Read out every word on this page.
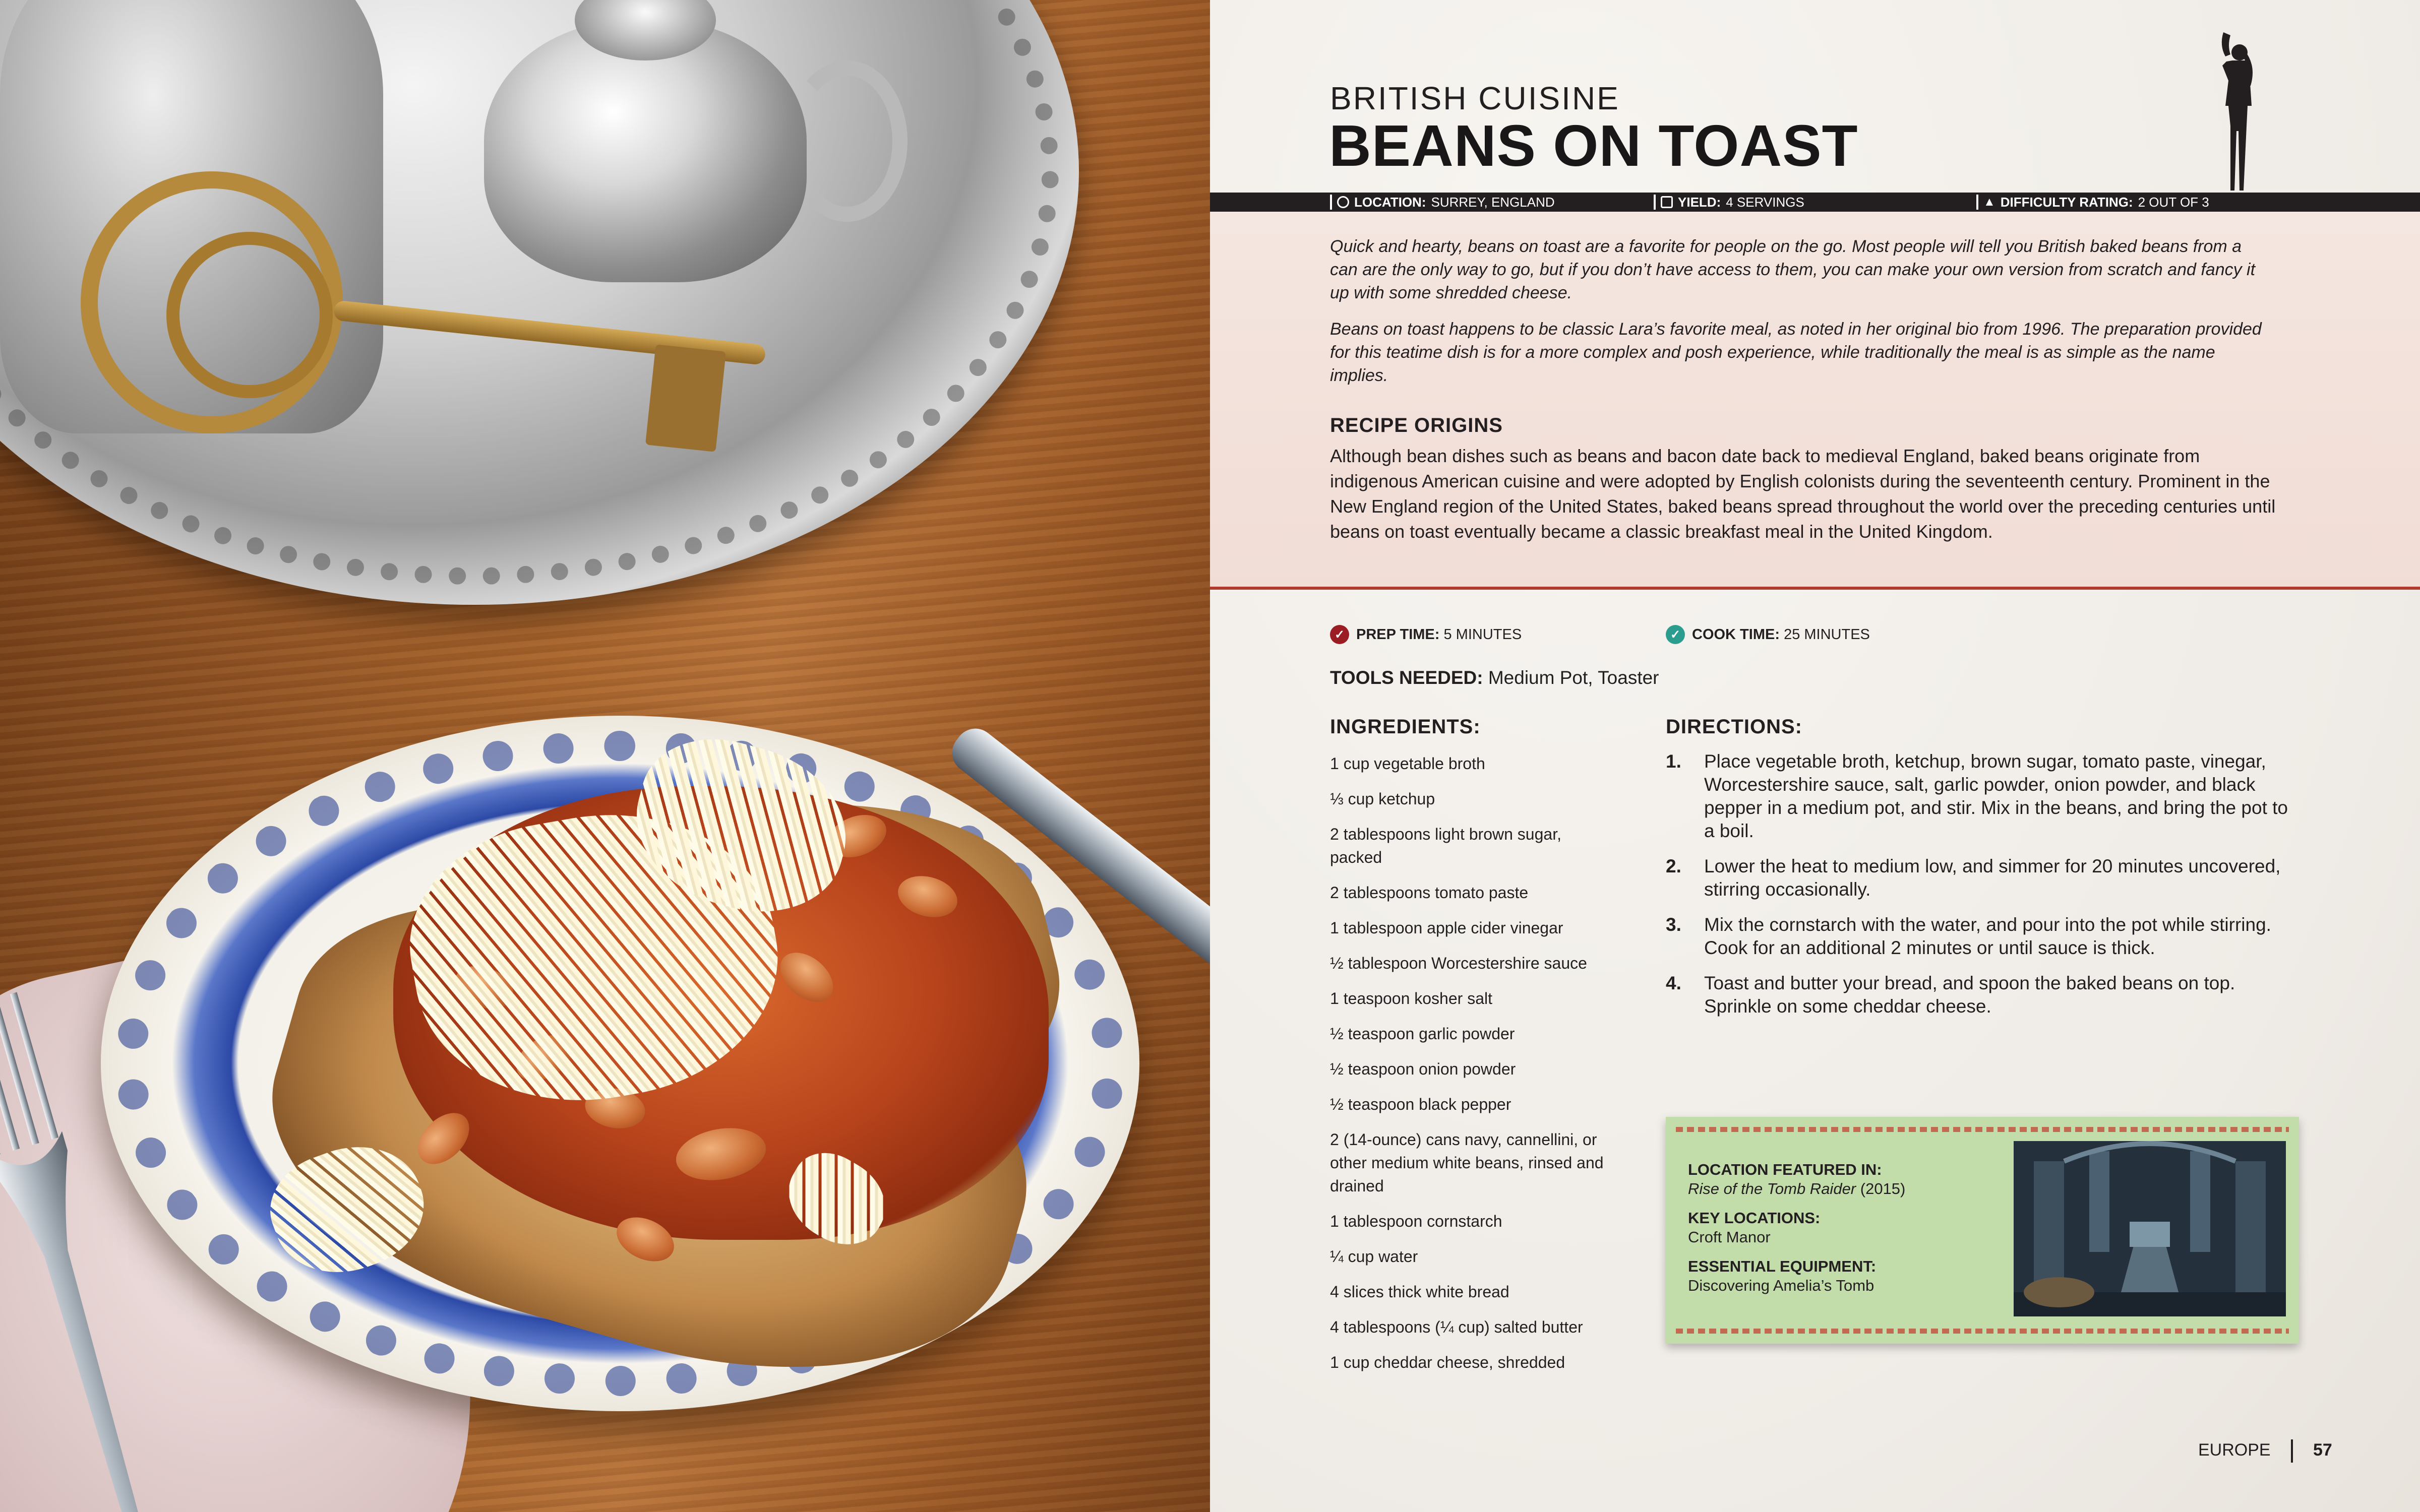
BRITISH CUISINE
BEANS ON TOAST
LOCATION: SURREY, ENGLAND	YIELD: 4 SERVINGS	▲ DIFFICULTY RATING: 2 OUT OF 3

Quick and hearty, beans on toast are a favorite for people on the go. Most people will tell you British baked beans from a can are the only way to go, but if you don’t have access to them, you can make your own version from scratch and fancy it up with some shredded cheese.

Beans on toast happens to be classic Lara’s favorite meal, as noted in her original bio from 1996. The preparation provided for this teatime dish is for a more complex and posh experience, while traditionally the meal is as simple as the name implies.

RECIPE ORIGINS

Although bean dishes such as beans and bacon date back to medieval England, baked beans originate from indigenous American cuisine and were adopted by English colonists during the seventeenth century. Prominent in the New England region of the United States, baked beans spread throughout the world over the preceding centuries until beans on toast eventually became a classic breakfast meal in the United Kingdom.

✓ PREP TIME: 5 MINUTES	✓ COOK TIME: 25 MINUTES
TOOLS NEEDED: Medium Pot, Toaster
INGREDIENTS:
1 cup vegetable broth
⅓ cup ketchup
2 tablespoons light brown sugar, packed
2 tablespoons tomato paste
1 tablespoon apple cider vinegar
½ tablespoon Worcestershire sauce
1 teaspoon kosher salt
½ teaspoon garlic powder
½ teaspoon onion powder
½ teaspoon black pepper
2 (14-ounce) cans navy, cannellini, or other medium white beans, rinsed and drained
1 tablespoon cornstarch
¼ cup water
4 slices thick white bread
4 tablespoons (¼ cup) salted butter
1 cup cheddar cheese, shredded
DIRECTIONS:
1.	Place vegetable broth, ketchup, brown sugar, tomato paste, vinegar, Worcestershire sauce, salt, garlic powder, onion powder, and black pepper in a medium pot, and stir. Mix in the beans, and bring the pot to a boil.
2.	Lower the heat to medium low, and simmer for 20 minutes uncovered, stirring occasionally.
3.	Mix the cornstarch with the water, and pour into the pot while stirring. Cook for an additional 2 minutes or until sauce is thick.
4.	Toast and butter your bread, and spoon the baked beans on top. Sprinkle on some cheddar cheese.
LOCATION FEATURED IN:
Rise of the Tomb Raider (2015)
KEY LOCATIONS:
Croft Manor
ESSENTIAL EQUIPMENT:
Discovering Amelia’s Tomb
EUROPE 57
